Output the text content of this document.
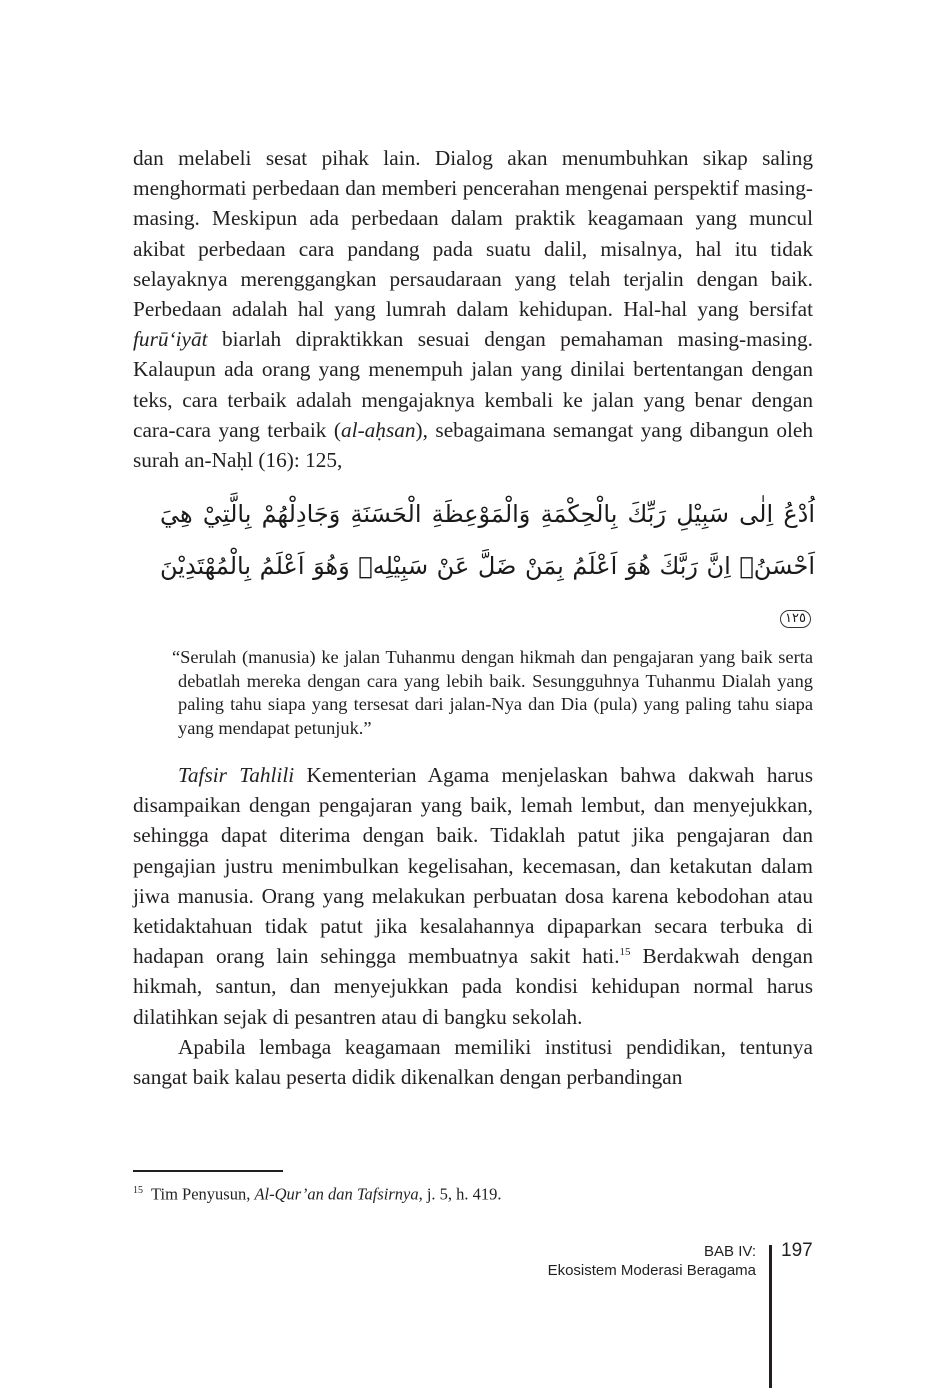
dan melabeli sesat pihak lain. Dialog akan menumbuhkan sikap saling menghormati perbedaan dan memberi pencerahan mengenai perspektif masing-masing. Meskipun ada perbedaan dalam praktik keagamaan yang muncul akibat perbedaan cara pandang pada suatu dalil, misalnya, hal itu tidak selayaknya merenggangkan persaudaraan yang telah terjalin dengan baik. Perbedaan adalah hal yang lumrah dalam kehidupan. Hal-hal yang bersifat furū‘iyāt biarlah dipraktikkan sesuai dengan pemahaman masing-masing. Kalaupun ada orang yang menempuh jalan yang dinilai bertentangan dengan teks, cara terbaik adalah mengajaknya kembali ke jalan yang benar dengan cara-cara yang terbaik (al-aḥsan), sebagaimana semangat yang dibangun oleh surah an-Naḥl (16): 125,

اُدْعُ اِلٰى سَبِيْلِ رَبِّكَ بِالْحِكْمَةِ وَالْمَوْعِظَةِ الْحَسَنَةِ وَجَادِلْهُمْ بِالَّتِيْ هِيَ اَحْسَنُۗ اِنَّ رَبَّكَ هُوَ اَعْلَمُ بِمَنْ ضَلَّ عَنْ سَبِيْلِهٖ وَهُوَ اَعْلَمُ بِالْمُهْتَدِيْنَ ١٢٥

“Serulah (manusia) ke jalan Tuhanmu dengan hikmah dan pengajaran yang baik serta debatlah mereka dengan cara yang lebih baik. Sesungguhnya Tuhanmu Dialah yang paling tahu siapa yang tersesat dari jalan-Nya dan Dia (pula) yang paling tahu siapa yang mendapat petunjuk.”

Tafsir Tahlili Kementerian Agama menjelaskan bahwa dakwah harus disampaikan dengan pengajaran yang baik, lemah lembut, dan menyejukkan, sehingga dapat diterima dengan baik. Tidaklah patut jika pengajaran dan pengajian justru menimbulkan kegelisahan, kecemasan, dan ketakutan dalam jiwa manusia. Orang yang melakukan perbuatan dosa karena kebodohan atau ketidaktahuan tidak patut jika kesalahannya dipaparkan secara terbuka di hadapan orang lain sehingga membuatnya sakit hati.$^{15}$ Berdakwah dengan hikmah, santun, dan menyejukkan pada kondisi kehidupan normal harus dilatihkan sejak di pesantren atau di bangku sekolah.

Apabila lembaga keagamaan memiliki institusi pendidikan, tentunya sangat baik kalau peserta didik dikenalkan dengan perbandingan

$^{15}$ Tim Penyusun, Al-Qur’an dan Tafsirnya, j. 5, h. 419.
BAB IV:
Ekosistem Moderasi Beragama
197
